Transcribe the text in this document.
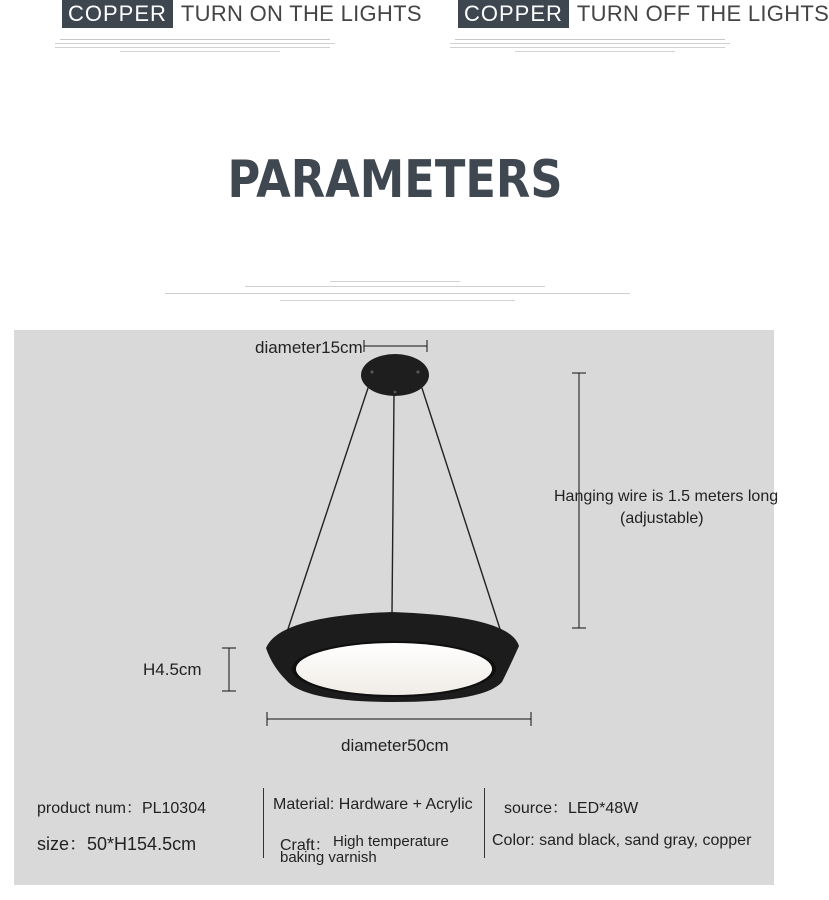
COPPER TURN ON THE LIGHTS COPPER TURN OFF THE LIGHTS
PARAMETERS
diameter15cm
Hanging wire is 1.5 meters long
(adjustable)
H4.5cm
diameter50cm
product num：PL10304
size：50*H154.5cm
Material: Hardware + Acrylic
Craft： High temperature
baking varnish
source：LED*48W
Color: sand black, sand gray, copper
